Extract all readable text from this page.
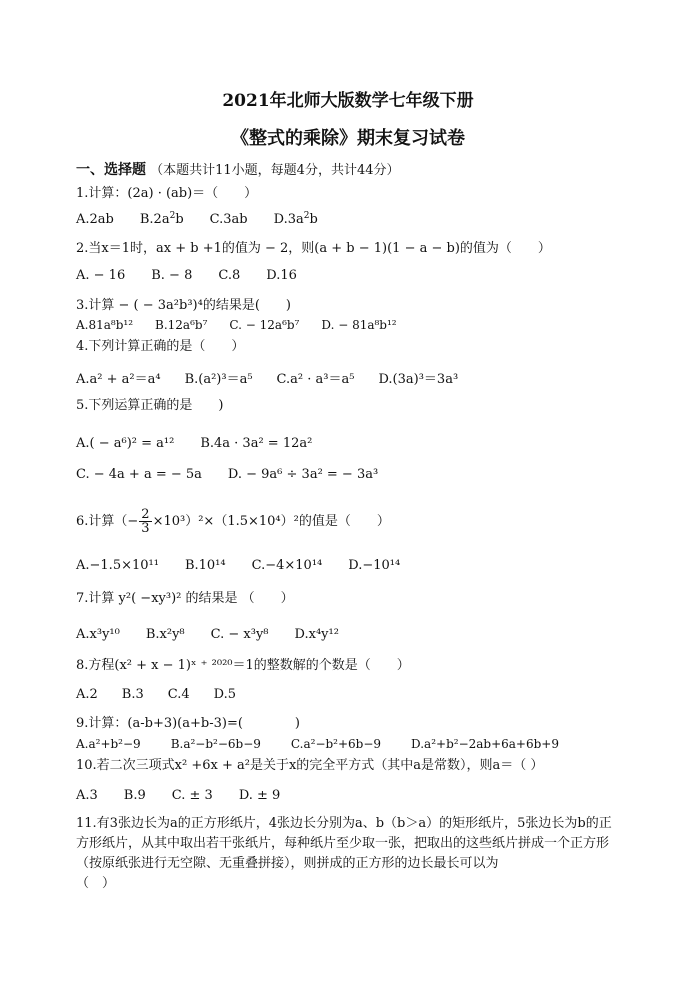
2021年北师大版数学七年级下册
《整式的乘除》期末复习试卷
一、选择题 （本题共计11小题，每题4分，共计44分）
1.计算：(2a) · (ab)＝（　　）
A.2ab $B.2a^2b$ C.3ab $D.3a^2b$
2.当x＝1时，ax + b +1的值为 − 2，则(a + b − 1)(1 − a − b)的值为（　　）
A. − 16 B. − 8 C.8 D.16
3.计算 − ( − 3a²b³)⁴的结果是(　　)
A.81a⁸b¹² B.12a⁶b⁷ C. − 12a⁶b⁷ D. − 81a⁸b¹²
4.下列计算正确的是（　　）
A.a² + a²＝a⁴ B.(a²)³＝a⁵ C.a² · a³＝a⁵ D.(3a)³＝3a³
5.下列运算正确的是　　)
A.( − a⁶)² = a¹² B.4a · 3a² = 12a²
C. − 4a + a = − 5a D. − 9a⁶ ÷ 3a² = − 3a³
6.计算（− $\frac{2}{3} \times 10^3)^2\times(1.5\times 10^4)^2$的值是（　　）
A.−1.5×10¹¹ B.10¹⁴ C.−4×10¹⁴ D.−10¹⁴
7.计算 y²( −xy³)² 的结果是 （　　）
A.x³y¹⁰ B.x²y⁸ C. − x³y⁸ D.x⁴y¹²
8.方程(x² + x − 1)ˣ ⁺ ²⁰²⁰＝1的整数解的个数是（　　）
A.2 B.3 C.4 D.5
9.计算：(a-b+3)(a+b-3)=(　　　　)
A.a²+b²−9	B.a²−b²−6b−9	C.a²−b²+6b−9	D.a²+b²−2ab+6a+6b+9
10.若二次三项式x² +6x + a²是关于x的完全平方式（其中a是常数），则a＝（ ）
A.3 B.9 C. ± 3 D. ± 9
11.有3张边长为a的正方形纸片，4张边长分别为a、b（b＞a）的矩形纸片，5张边长为b的正方形纸片，从其中取出若干张纸片，每种纸片至少取一张，把取出的这些纸片拼成一个正方形（按原纸张进行无空隙、无重叠拼接），则拼成的正方形的边长最长可以为
（　）
